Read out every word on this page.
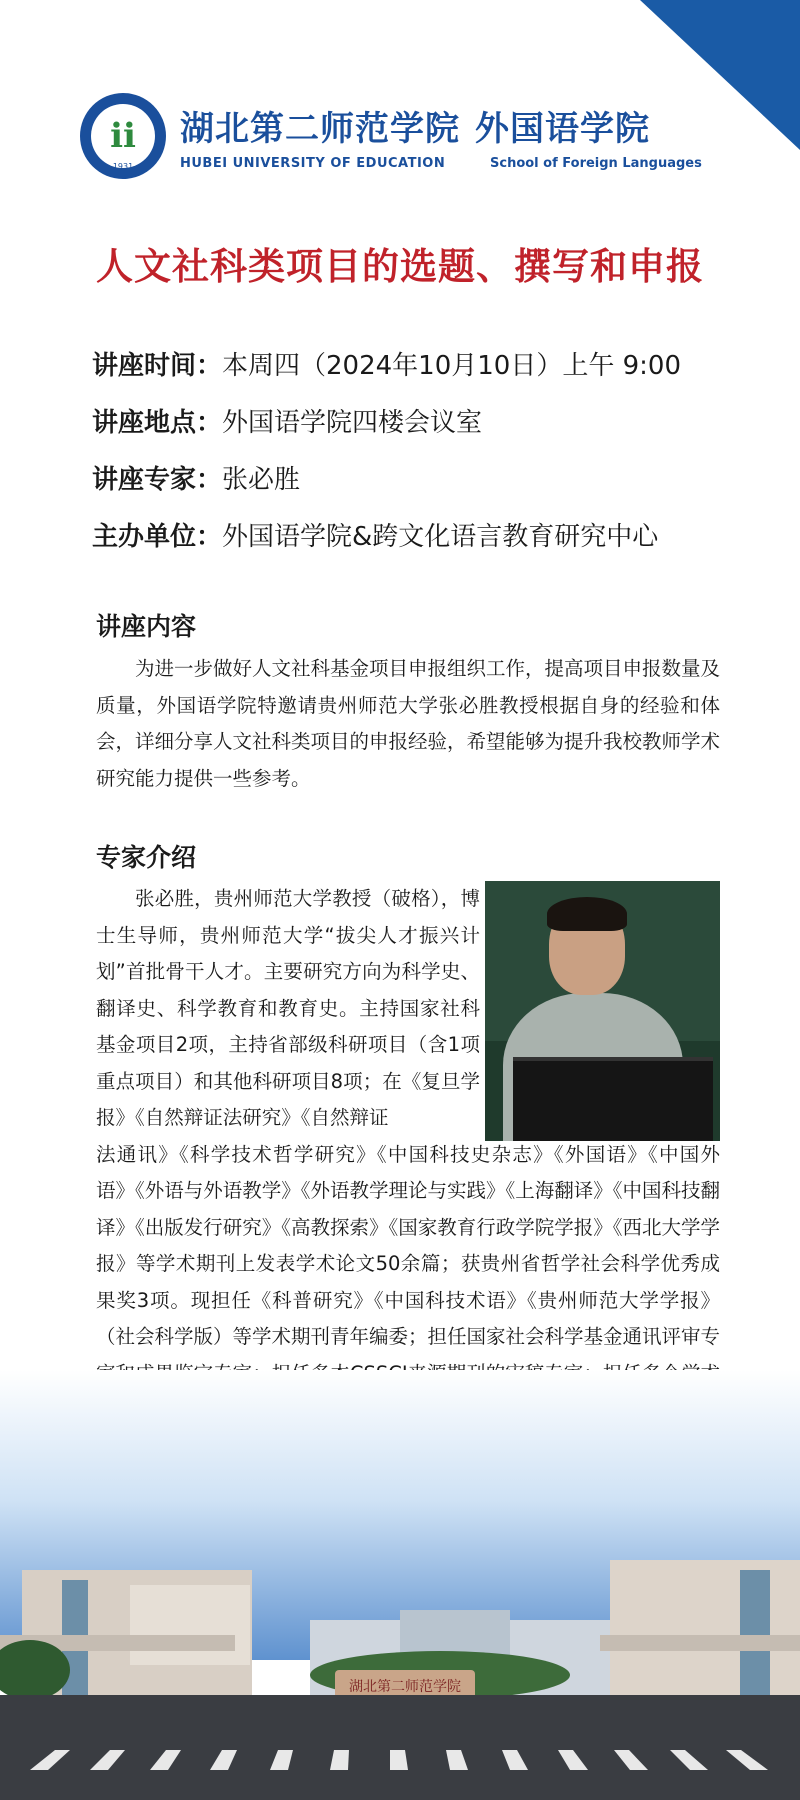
ii
1931
湖北第二师范学院 外国语学院
HUBEI UNIVERSITY OF EDUCATION	School of Foreign Languages
人文社科类项目的选题、撰写和申报
讲座时间：本周四（2024年10月10日）上午 9:00
讲座地点：外国语学院四楼会议室
讲座专家：张必胜
主办单位：外国语学院&跨文化语言教育研究中心
讲座内容

为进一步做好人文社科基金项目申报组织工作，提高项目申报数量及质量，外国语学院特邀请贵州师范大学张必胜教授根据自身的经验和体会，详细分享人文社科类项目的申报经验，希望能够为提升我校教师学术研究能力提供一些参考。

专家介绍

张必胜，贵州师范大学教授（破格），博士生导师，贵州师范大学“拔尖人才振兴计划”首批骨干人才。主要研究方向为科学史、翻译史、科学教育和教育史。主持国家社科基金项目2项，主持省部级科研项目（含1项重点项目）和其他科研项目8项；在《复旦学报》《自然辩证法研究》《自然辩证

法通讯》《科学技术哲学研究》《中国科技史杂志》《外国语》《中国外语》《外语与外语教学》《外语教学理论与实践》《上海翻译》《中国科技翻译》《出版发行研究》《高教探索》《国家教育行政学院学报》《西北大学学报》等学术期刊上发表学术论文50余篇；获贵州省哲学社会科学优秀成果奖3项。现担任《科普研究》《中国科技术语》《贵州师范大学学报》（社会科学版）等学术期刊青年编委；担任国家社会科学基金通讯评审专

湖北第二师范学院
